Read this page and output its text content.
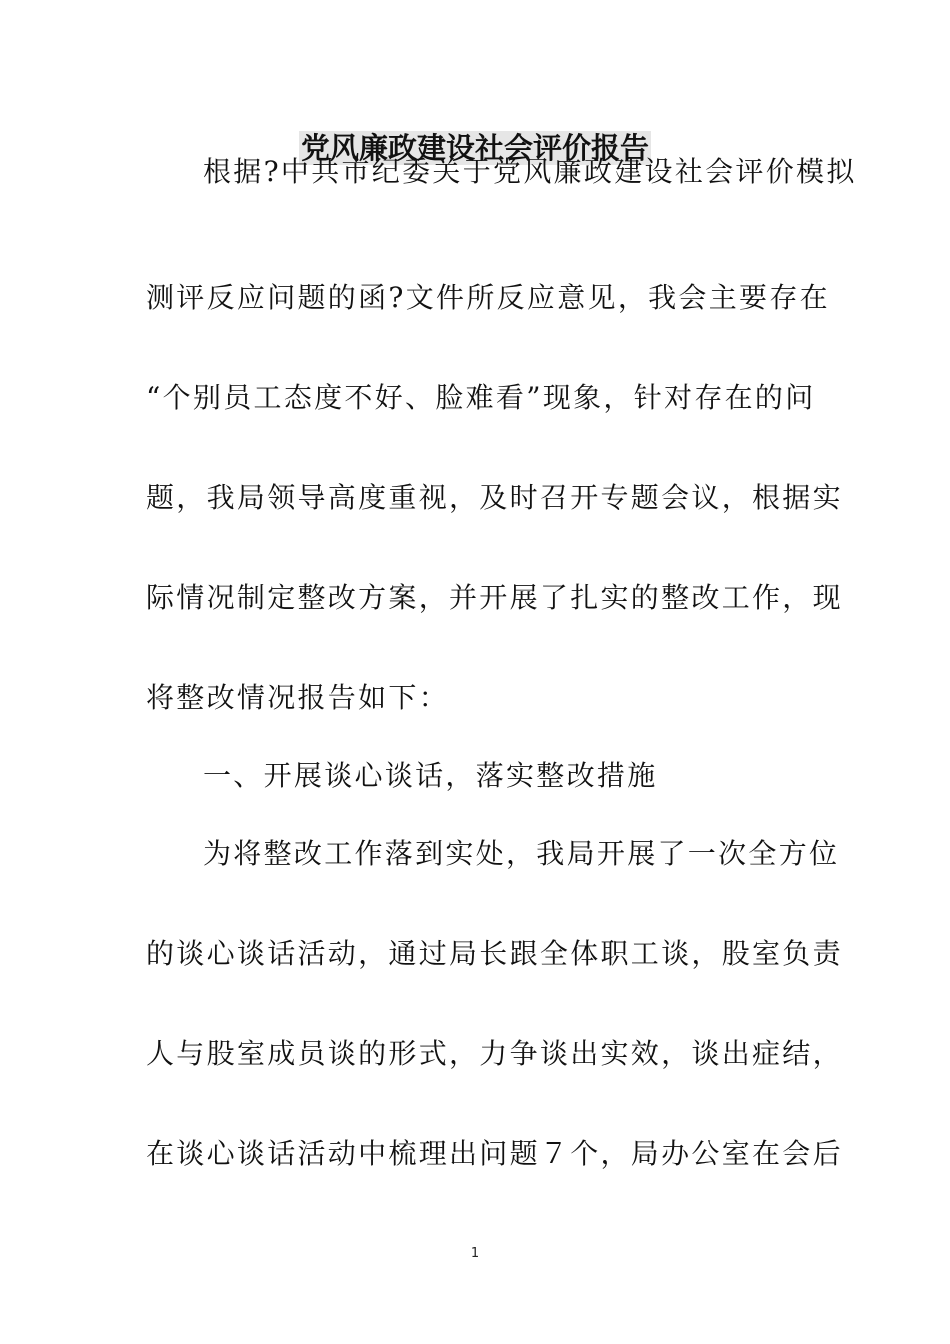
党风廉政建设社会评价报告
根据?中共市纪委关于党风廉政建设社会评价模拟
测评反应问题的函?文件所反应意见，我会主要存在
“个别员工态度不好、脸难看”现象，针对存在的问
题，我局领导高度重视，及时召开专题会议，根据实
际情况制定整改方案，并开展了扎实的整改工作，现
将整改情况报告如下：
一、开展谈心谈话，落实整改措施
为将整改工作落到实处，我局开展了一次全方位
的谈心谈话活动，通过局长跟全体职工谈，股室负责
人与股室成员谈的形式，力争谈出实效，谈出症结，
在谈心谈话活动中梳理出问题７个，局办公室在会后
1
